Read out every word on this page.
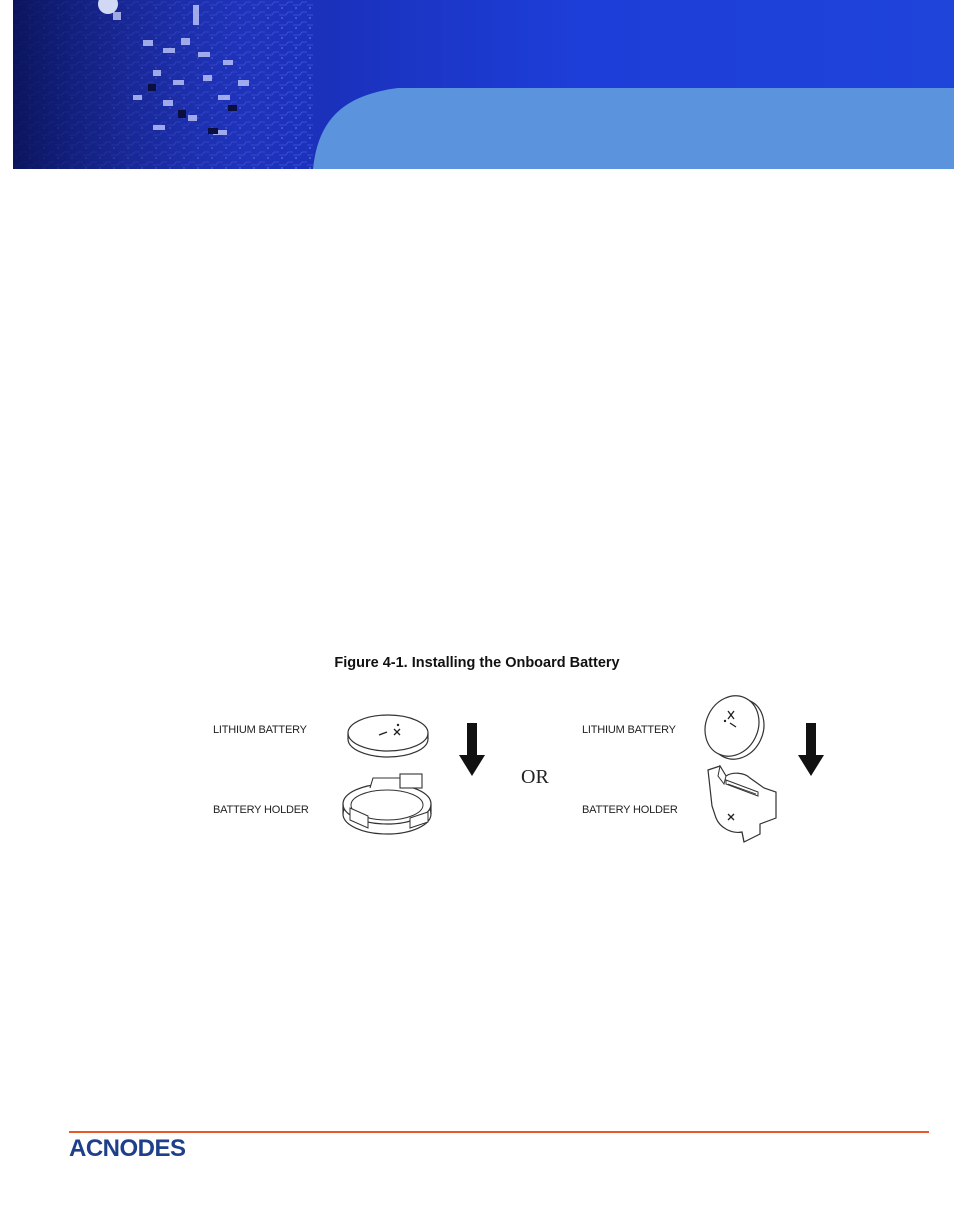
Figure 4-1. Installing the Onboard Battery
LITHIUM BATTERY
BATTERY HOLDER
OR
LITHIUM BATTERY
BATTERY HOLDER
ACNODES
